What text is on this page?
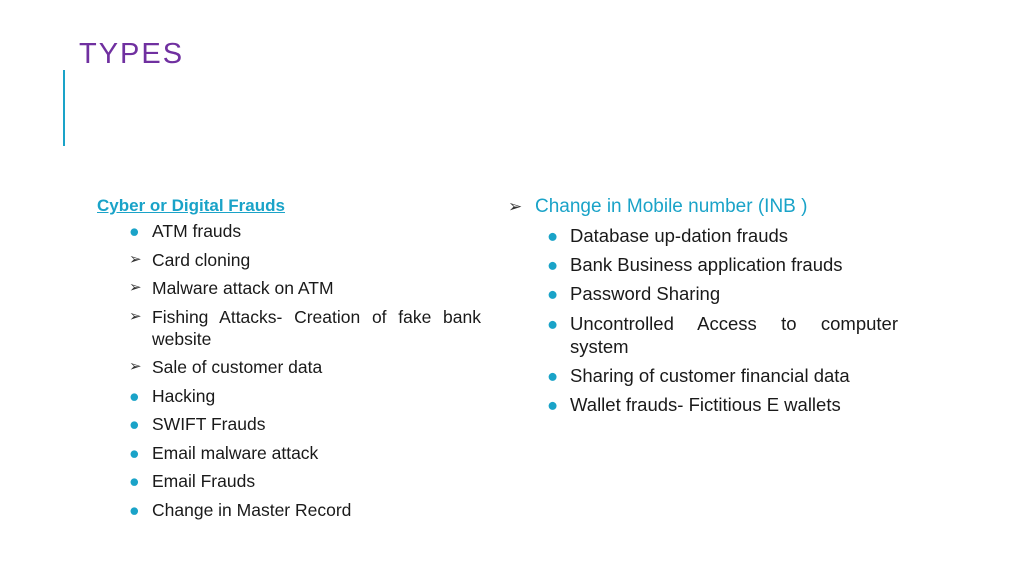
TYPES
Cyber or Digital Frauds
● ATM frauds
➢ Card cloning
➢ Malware attack on ATM
➢ Fishing Attacks- Creation of fake bank website
➢ Sale of customer data
● Hacking
● SWIFT Frauds
● Email malware attack
● Email Frauds
● Change in Master Record
➢ Change in Mobile number (INB )
● Database up-dation frauds
● Bank Business application frauds
● Password Sharing
● Uncontrolled Access to computer system
● Sharing of customer financial data
● Wallet frauds- Fictitious E wallets
